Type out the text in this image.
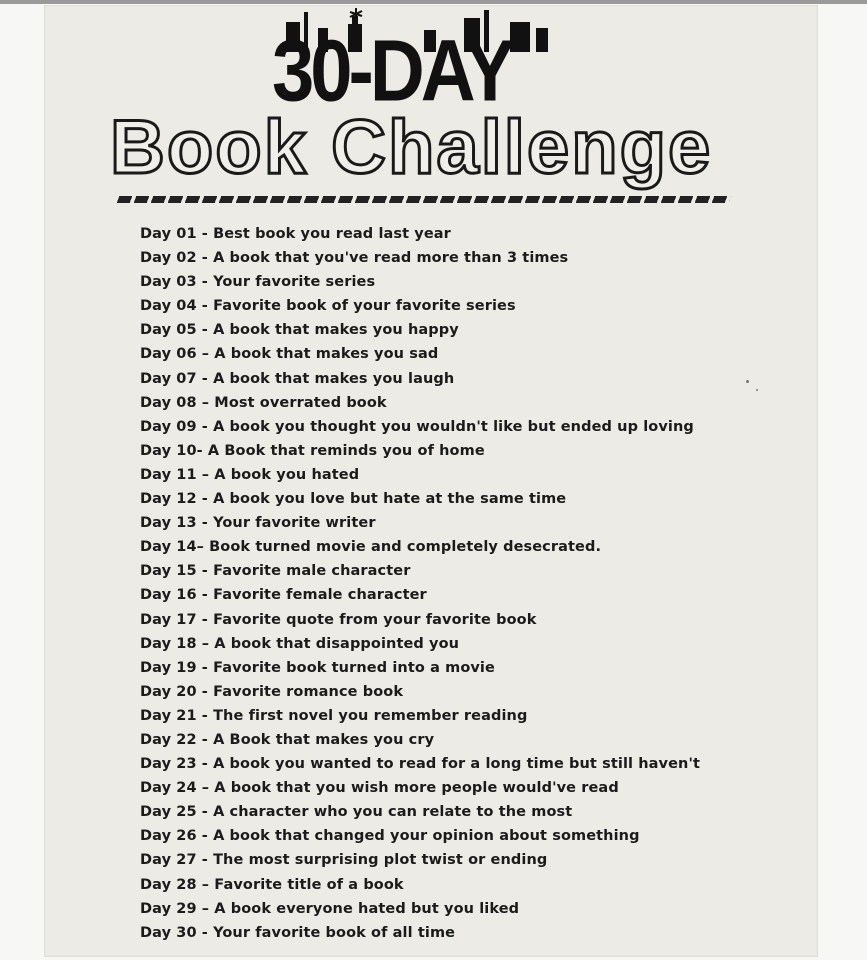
30-DAY
Book Challenge
Day 01 - Best book you read last year
Day 02 - A book that you've read more than 3 times
Day 03 - Your favorite series
Day 04 - Favorite book of your favorite series
Day 05 - A book that makes you happy
Day 06 – A book that makes you sad
Day 07 - A book that makes you laugh
Day 08 – Most overrated book
Day 09 - A book you thought you wouldn't like but ended up loving
Day 10- A Book that reminds you of home
Day 11 – A book you hated
Day 12 - A book you love but hate at the same time
Day 13 - Your favorite writer
Day 14– Book turned movie and completely desecrated.
Day 15 - Favorite male character
Day 16 - Favorite female character
Day 17 - Favorite quote from your favorite book
Day 18 – A book that disappointed you
Day 19 - Favorite book turned into a movie
Day 20 - Favorite romance book
Day 21 - The first novel you remember reading
Day 22 - A Book that makes you cry
Day 23 - A book you wanted to read for a long time but still haven't
Day 24 – A book that you wish more people would've read
Day 25 - A character who you can relate to the most
Day 26 - A book that changed your opinion about something
Day 27 - The most surprising plot twist or ending
Day 28 – Favorite title of a book
Day 29 – A book everyone hated but you liked
Day 30 - Your favorite book of all time
